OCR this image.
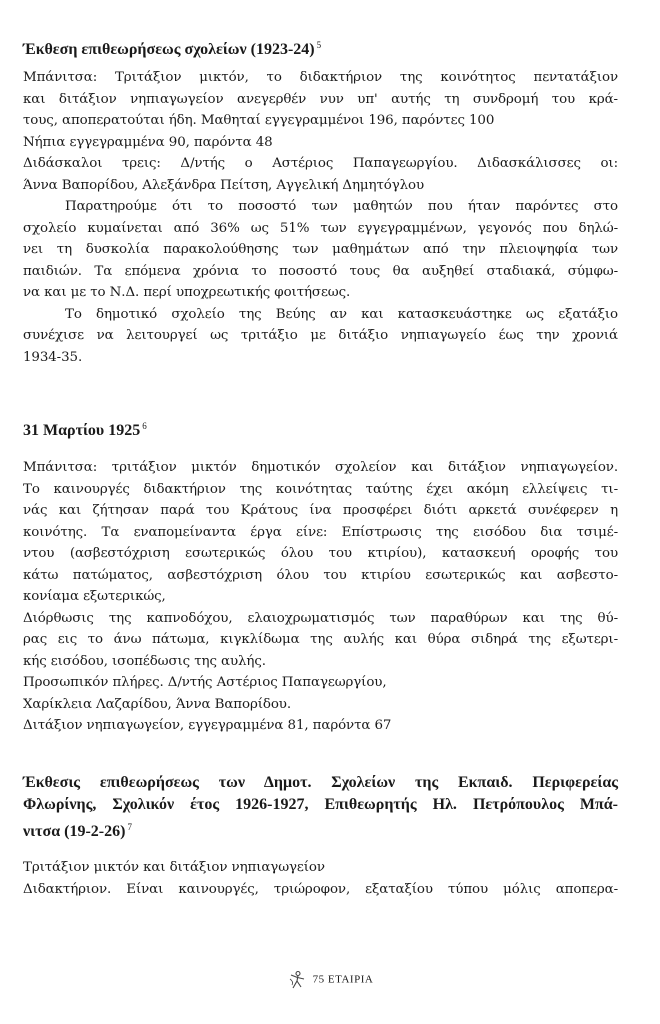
Έκθεση επιθεωρήσεως σχολείων (1923-24) $^5$
Μπάνιτσα: Τριτάξιον μικτόν, το διδακτήριον της κοινότητος πεντατάξιον
και διτάξιον νηπιαγωγείον ανεγερθέν νυν υπ' αυτής τη συνδρομή του κρά-
τους, αποπερατούται ήδη. Μαθηταί εγγεγραμμένοι 196, παρόντες 100
Νήπια εγγεγραμμένα 90, παρόντα 48
Διδάσκαλοι τρεις: Δ/ντής ο Αστέριος Παπαγεωργίου. Διδασκάλισσες οι:
Άννα Βαπορίδου, Αλεξάνδρα Πείτση, Αγγελική Δημητόγλου
Παρατηρούμε ότι το ποσοστό των μαθητών που ήταν παρόντες στο
σχολείο κυμαίνεται από 36% ως 51% των εγγεγραμμένων, γεγονός που δηλώ-
νει τη δυσκολία παρακολούθησης των μαθημάτων από την πλειοψηφία των
παιδιών. Τα επόμενα χρόνια το ποσοστό τους θα αυξηθεί σταδιακά, σύμφω-
να και με το Ν.Δ. περί υποχρεωτικής φοιτήσεως.
Το δημοτικό σχολείο της Βεύης αν και κατασκευάστηκε ως εξατάξιο
συνέχισε να λειτουργεί ως τριτάξιο με διτάξιο νηπιαγωγείο έως την χρονιά
1934-35.
31 Μαρτίου 1925 $^6$
Μπάνιτσα: τριτάξιον μικτόν δημοτικόν σχολείον και διτάξιον νηπιαγωγείον.
Το καινουργές διδακτήριον της κοινότητας ταύτης έχει ακόμη ελλείψεις τι-
νάς και ζήτησαν παρά του Κράτους ίνα προσφέρει διότι αρκετά συνέφερεν η
κοινότης. Τα εναπομείναντα έργα είνε: Επίστρωσις της εισόδου δια τσιμέ-
ντου (ασβεστόχριση εσωτερικώς όλου του κτιρίου), κατασκευή οροφής του
κάτω πατώματος, ασβεστόχριση όλου του κτιρίου εσωτερικώς και ασβεστο-
κονίαμα εξωτερικώς,
Διόρθωσις της καπνοδόχου, ελαιοχρωματισμός των παραθύρων και της θύ-
ρας εις το άνω πάτωμα, κιγκλίδωμα της αυλής και θύρα σιδηρά της εξωτερι-
κής εισόδου, ισοπέδωσις της αυλής.
Προσωπικόν πλήρες. Δ/ντής Αστέριος Παπαγεωργίου,
Χαρίκλεια Λαζαρίδου, Άννα Βαπορίδου.
Διτάξιον νηπιαγωγείον, εγγεγραμμένα 81, παρόντα 67
Έκθεσις επιθεωρήσεως των Δημοτ. Σχολείων της Εκπαιδ. Περιφερείας
Φλωρίνης, Σχολικόν έτος 1926-1927, Επιθεωρητής Ηλ. Πετρόπουλος Μπά-
νιτσα (19-2-26) $^7$
Τριτάξιον μικτόν και διτάξιον νηπιαγωγείον
Διδακτήριον. Είναι καινουργές, τριώροφον, εξαταξίου τύπου μόλις αποπερα-
75 ΕΤΑΙΡΙΑ
